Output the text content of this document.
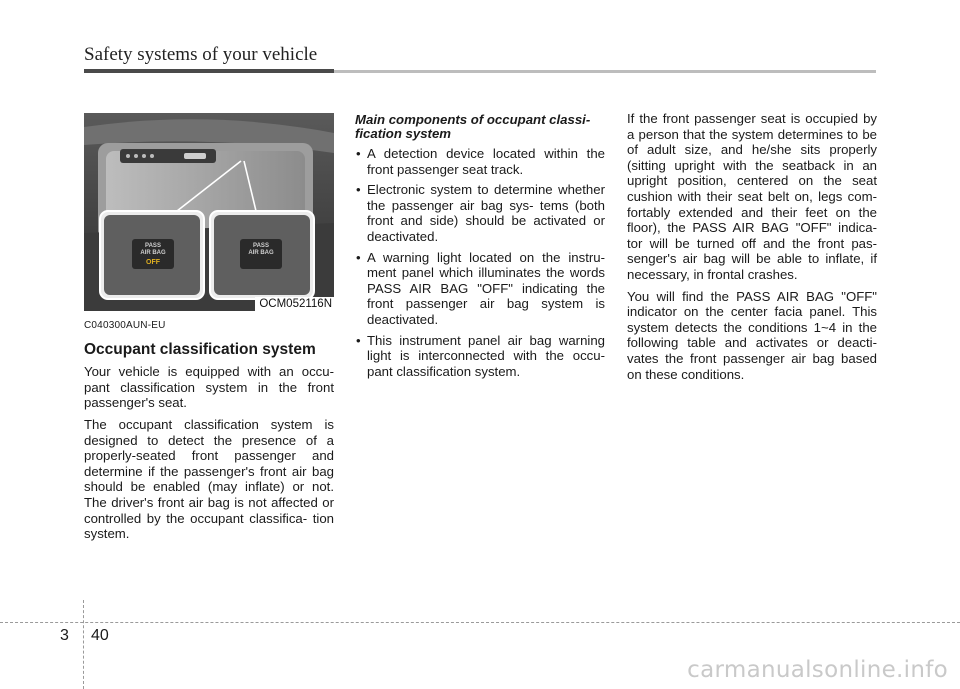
Safety systems of your vehicle
PASS
AIR BAG
OFF
PASS
AIR BAG
OCM052116N
C040300AUN-EU
Occupant classification system

Your vehicle is equipped with an occu- pant classification system in the front passenger's seat.

The occupant classification system is designed to detect the presence of a properly-seated front passenger and determine if the passenger's front air bag should be enabled (may inflate) or not. The driver's front air bag is not affected or controlled by the occupant classifica- tion system.

Main components of occupant classi- fication system
• A detection device located within the front passenger seat track.
• Electronic system to determine whether the passenger air bag sys- tems (both front and side) should be activated or deactivated.
• A warning light located on the instru- ment panel which illuminates the words PASS AIR BAG "OFF" indicating the front passenger air bag system is deactivated.
• This instrument panel air bag warning light is interconnected with the occu- pant classification system.

If the front passenger seat is occupied by a person that the system determines to be of adult size, and he/she sits properly (sitting upright with the seatback in an upright position, centered on the seat cushion with their seat belt on, legs com- fortably extended and their feet on the floor), the PASS AIR BAG "OFF" indica- tor will be turned off and the front pas- senger's air bag will be able to inflate, if necessary, in frontal crashes.

You will find the PASS AIR BAG "OFF" indicator on the center facia panel. This system detects the conditions 1~4 in the following table and activates or deacti- vates the front passenger air bag based on these conditions.

3 40
carmanualsonline.info
